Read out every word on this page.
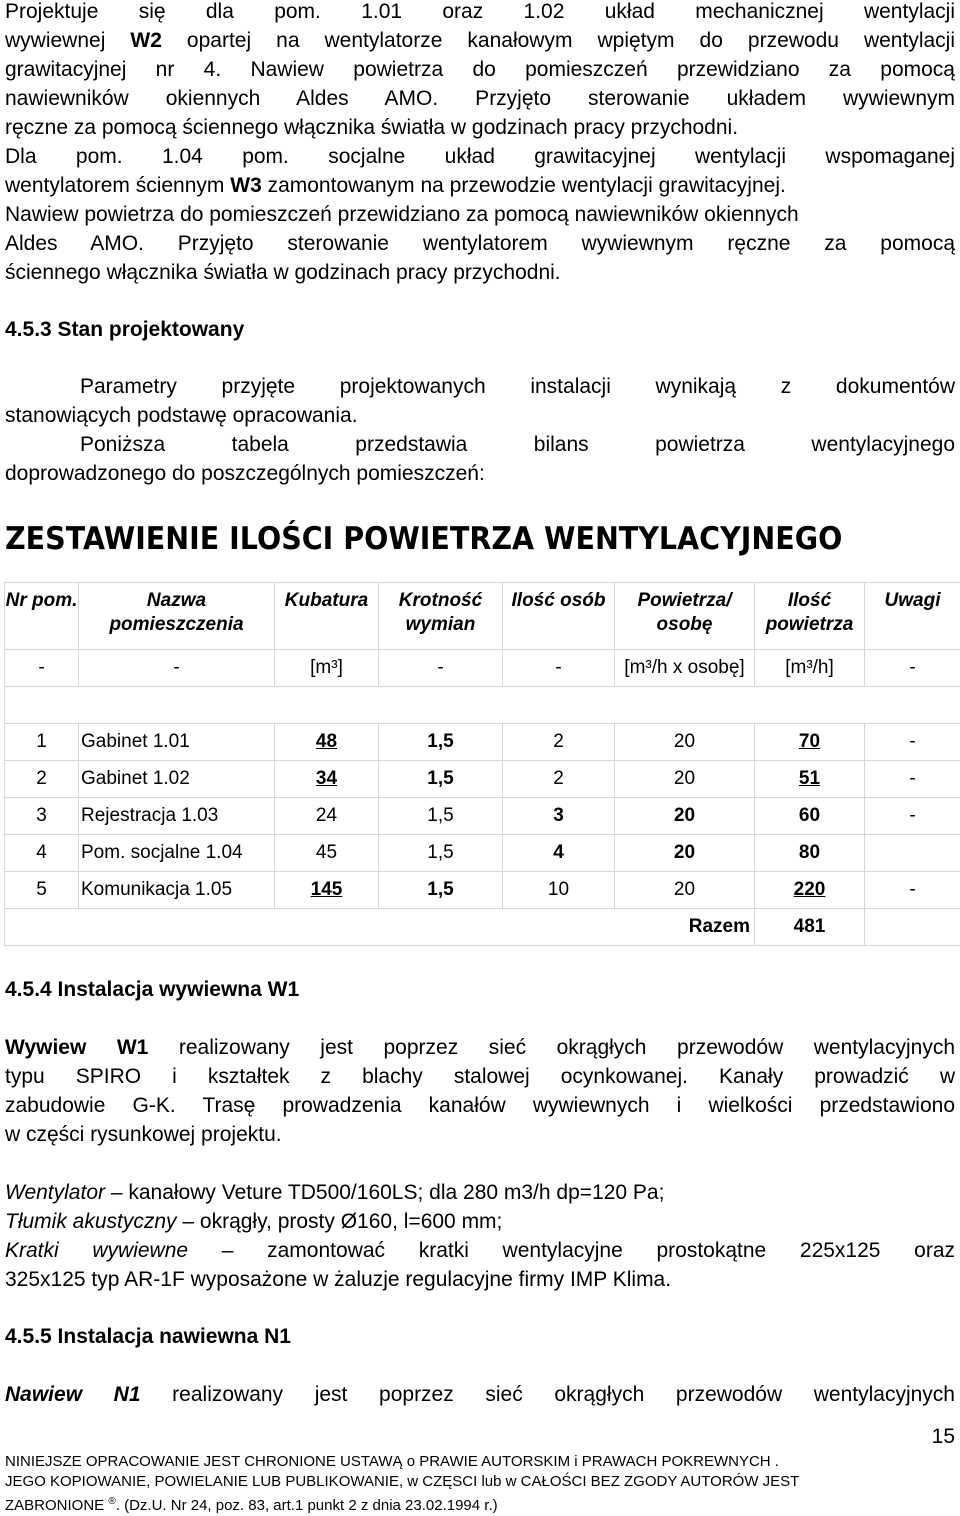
Projektuje się dla pom. 1.01 oraz 1.02 układ mechanicznej wentylacji

wywiewnej W2 opartej na wentylatorze kanałowym wpiętym do przewodu wentylacji

grawitacyjnej nr 4. Nawiew powietrza do pomieszczeń przewidziano za pomocą

nawiewników okiennych Aldes AMO. Przyjęto sterowanie układem wywiewnym

ręczne za pomocą ściennego włącznika światła w godzinach pracy przychodni.

Dla pom. 1.04 pom. socjalne układ grawitacyjnej wentylacji wspomaganej

wentylatorem ściennym W3 zamontowanym na przewodzie wentylacji grawitacyjnej.

Nawiew powietrza do pomieszczeń przewidziano za pomocą nawiewników okiennych

Aldes AMO. Przyjęto sterowanie wentylatorem wywiewnym ręczne za pomocą

ściennego włącznika światła w godzinach pracy przychodni.

4.5.3 Stan projektowany

Parametry przyjęte projektowanych instalacji wynikają z dokumentów

stanowiących podstawę opracowania.

Poniższa tabela przedstawia bilans powietrza wentylacyjnego

doprowadzonego do poszczególnych pomieszczeń:

ZESTAWIENIE ILOŚCI POWIETRZA WENTYLACYJNEGO

Nr pom.	Nazwa pomieszczenia	Kubatura	Krotność wymian	Ilość osób	Powietrza/ osobę	Ilość powietrza	Uwagi
-	-	[m³]	-	-	[m³/h x osobę]	[m³/h]	-

1	Gabinet 1.01	48	1,5	2	20	70	-
2	Gabinet 1.02	34	1,5	2	20	51	-
3	Rejestracja 1.03	24	1,5	3	20	60	-
4	Pom. socjalne 1.04	45	1,5	4	20	80	
5	Komunikacja 1.05	145	1,5	10	20	220	-
Razem						481	

4.5.4 Instalacja wywiewna W1

Wywiew W1 realizowany jest poprzez sieć okrągłych przewodów wentylacyjnych

typu SPIRO i kształtek z blachy stalowej ocynkowanej. Kanały prowadzić w

zabudowie G-K. Trasę prowadzenia kanałów wywiewnych i wielkości przedstawiono

w części rysunkowej projektu.

Wentylator – kanałowy Veture TD500/160LS; dla 280 m3/h dp=120 Pa;

Tłumik akustyczny – okrągły, prosty Ø160, l=600 mm;

Kratki wywiewne – zamontować kratki wentylacyjne prostokątne 225x125 oraz

325x125 typ AR-1F wyposażone w żaluzje regulacyjne firmy IMP Klima.

4.5.5 Instalacja nawiewna N1

Nawiew N1 realizowany jest poprzez sieć okrągłych przewodów wentylacyjnych

15
NINIEJSZE OPRACOWANIE JEST CHRONIONE USTAWĄ o PRAWIE AUTORSKIM i PRAWACH POKREWNYCH .
JEGO KOPIOWANIE, POWIELANIE LUB PUBLIKOWANIE, w CZĘSCI lub w CAŁOŚCI BEZ ZGODY AUTORÓW JEST
ZABRONIONE ®. (Dz.U. Nr 24, poz. 83, art.1 punkt 2 z dnia 23.02.1994 r.)
